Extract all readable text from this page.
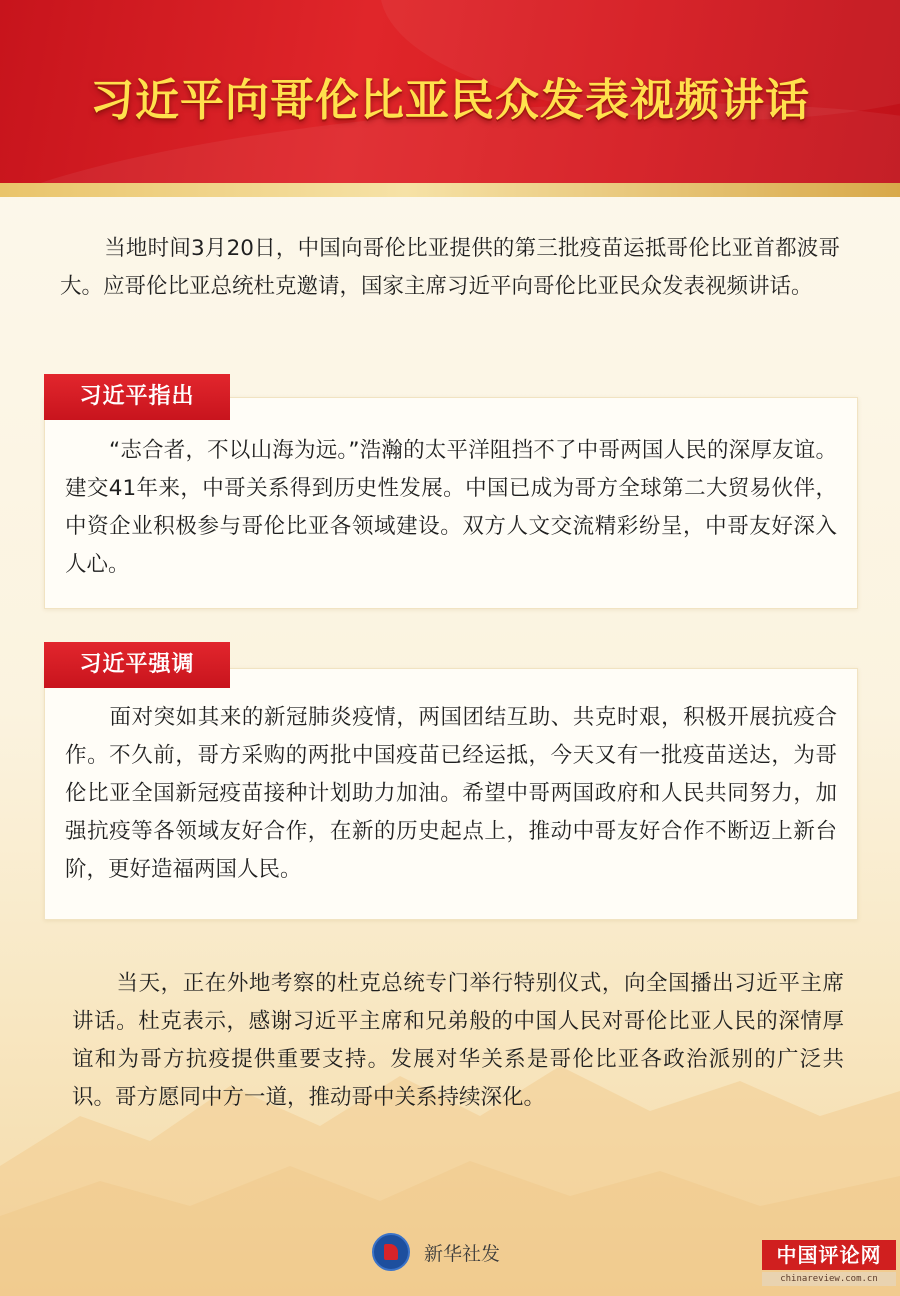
习近平向哥伦比亚民众发表视频讲话

当地时间3月20日，中国向哥伦比亚提供的第三批疫苗运抵哥伦比亚首都波哥大。应哥伦比亚总统杜克邀请，国家主席习近平向哥伦比亚民众发表视频讲话。

“志合者，不以山海为远。”浩瀚的太平洋阻挡不了中哥两国人民的深厚友谊。建交41年来，中哥关系得到历史性发展。中国已成为哥方全球第二大贸易伙伴，中资企业积极参与哥伦比亚各领域建设。双方人文交流精彩纷呈，中哥友好深入人心。

习近平指出

面对突如其来的新冠肺炎疫情，两国团结互助、共克时艰，积极开展抗疫合作。不久前，哥方采购的两批中国疫苗已经运抵，今天又有一批疫苗送达，为哥伦比亚全国新冠疫苗接种计划助力加油。希望中哥两国政府和人民共同努力，加强抗疫等各领域友好合作，在新的历史起点上，推动中哥友好合作不断迈上新台阶，更好造福两国人民。

习近平强调

当天，正在外地考察的杜克总统专门举行特别仪式，向全国播出习近平主席讲话。杜克表示，感谢习近平主席和兄弟般的中国人民对哥伦比亚人民的深情厚谊和为哥方抗疫提供重要支持。发展对华关系是哥伦比亚各政治派别的广泛共识。哥方愿同中方一道，推动哥中关系持续深化。

新华社发	中国评论网
chinareview.com.cn
